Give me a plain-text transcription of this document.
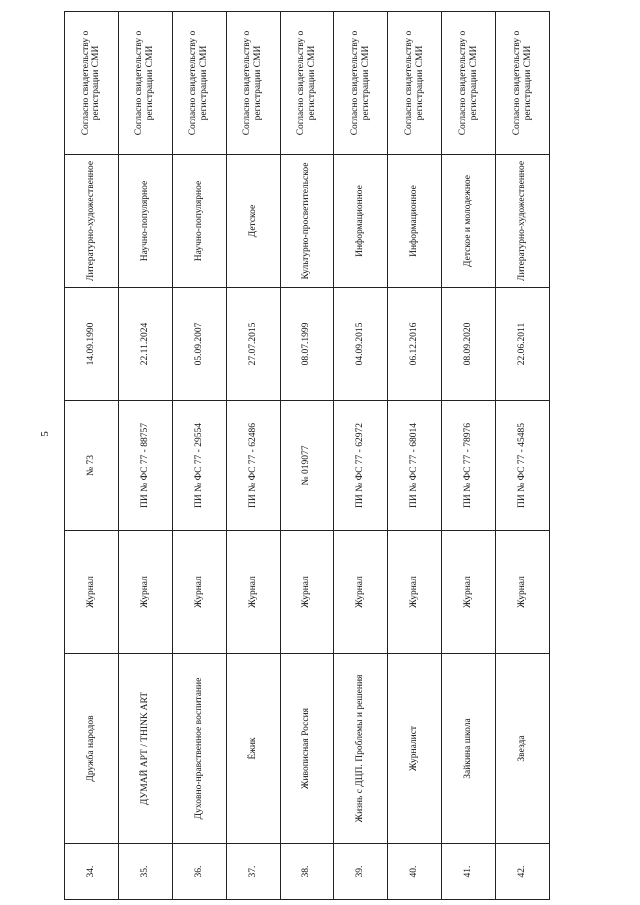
5
34.	Дружба народов	Журнал	№ 73	14.09.1990	Литературно-художественное	Согласно свидетельству о регистрации СМИ
35.	ДУМАЙ АРТ / THINK ART	Журнал	ПИ № ФС 77 - 88757	22.11.2024	Научно-популярное	Согласно свидетельству о регистрации СМИ
36.	Духовно-нравственное воспитание	Журнал	ПИ № ФС 77 - 29554	05.09.2007	Научно-популярное	Согласно свидетельству о регистрации СМИ
37.	Ёжик	Журнал	ПИ № ФС 77 - 62486	27.07.2015	Детское	Согласно свидетельству о регистрации СМИ
38.	Живописная Россия	Журнал	№ 019077	08.07.1999	Культурно-просветительское	Согласно свидетельству о регистрации СМИ
39.	Жизнь с ДЦП. Проблемы и решения	Журнал	ПИ № ФС 77 - 62972	04.09.2015	Информационное	Согласно свидетельству о регистрации СМИ
40.	Журналист	Журнал	ПИ № ФС 77 - 68014	06.12.2016	Информационное	Согласно свидетельству о регистрации СМИ
41.	Зайкина школа	Журнал	ПИ № ФС 77 - 78976	08.09.2020	Детское и молодежное	Согласно свидетельству о регистрации СМИ
42.	Звезда	Журнал	ПИ № ФС 77 - 45485	22.06.2011	Литературно-художественное	Согласно свидетельству о регистрации СМИ
